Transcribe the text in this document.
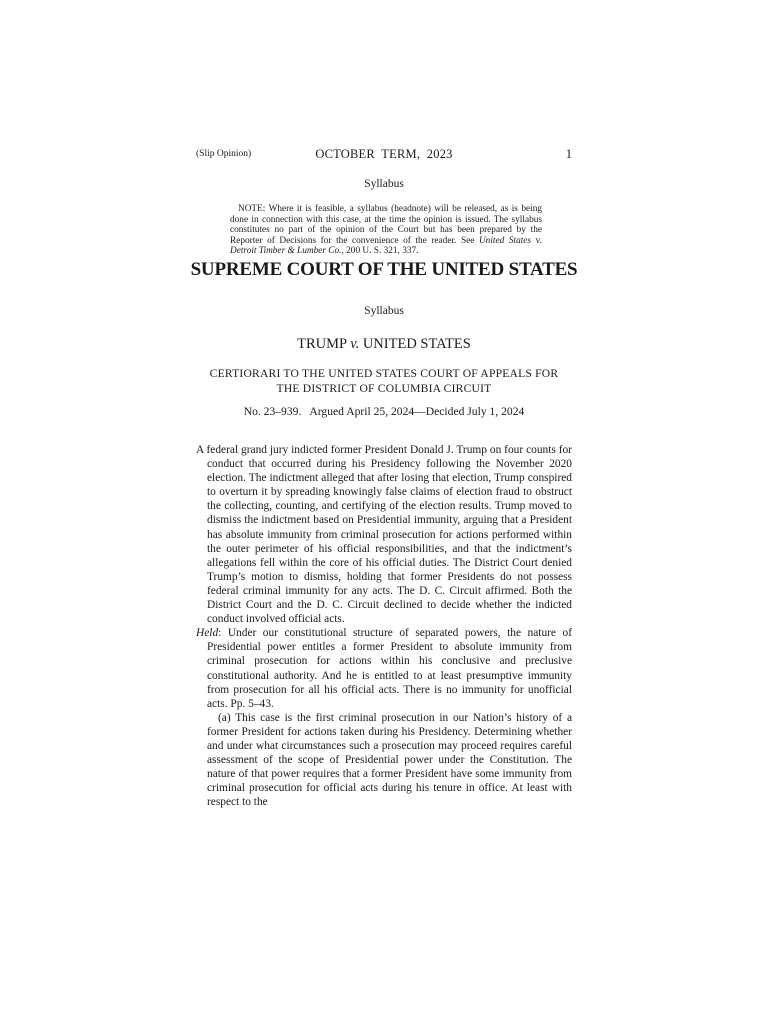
(Slip Opinion)	OCTOBER  TERM,  2023	1
Syllabus

NOTE: Where it is feasible, a syllabus (headnote) will be released, as is being done in connection with this case, at the time the opinion is issued. The syllabus constitutes no part of the opinion of the Court but has been prepared by the Reporter of Decisions for the convenience of the reader. See United States v. Detroit Timber & Lumber Co., 200 U. S. 321, 337.

SUPREME COURT OF THE UNITED STATES
Syllabus
TRUMP v. UNITED STATES
CERTIORARI TO THE UNITED STATES COURT OF APPEALS FOR
THE DISTRICT OF COLUMBIA CIRCUIT
No. 23–939.   Argued April 25, 2024—Decided July 1, 2024

A federal grand jury indicted former President Donald J. Trump on four counts for conduct that occurred during his Presidency following the November 2020 election. The indictment alleged that after losing that election, Trump conspired to overturn it by spreading knowingly false claims of election fraud to obstruct the collecting, counting, and certifying of the election results. Trump moved to dismiss the indictment based on Presidential immunity, arguing that a President has absolute immunity from criminal prosecution for actions performed within the outer perimeter of his official responsibilities, and that the indictment’s allegations fell within the core of his official duties. The District Court denied Trump’s motion to dismiss, holding that former Presidents do not possess federal criminal immunity for any acts. The D. C. Circuit affirmed. Both the District Court and the D. C. Circuit declined to decide whether the indicted conduct involved official acts.

Held: Under our constitutional structure of separated powers, the nature of Presidential power entitles a former President to absolute immunity from criminal prosecution for actions within his conclusive and preclusive constitutional authority. And he is entitled to at least presumptive immunity from prosecution for all his official acts. There is no immunity for unofficial acts. Pp. 5–43.

(a) This case is the first criminal prosecution in our Nation’s history of a former President for actions taken during his Presidency. Determining whether and under what circumstances such a prosecution may proceed requires careful assessment of the scope of Presidential power under the Constitution. The nature of that power requires that a former President have some immunity from criminal prosecution for official acts during his tenure in office. At least with respect to the
